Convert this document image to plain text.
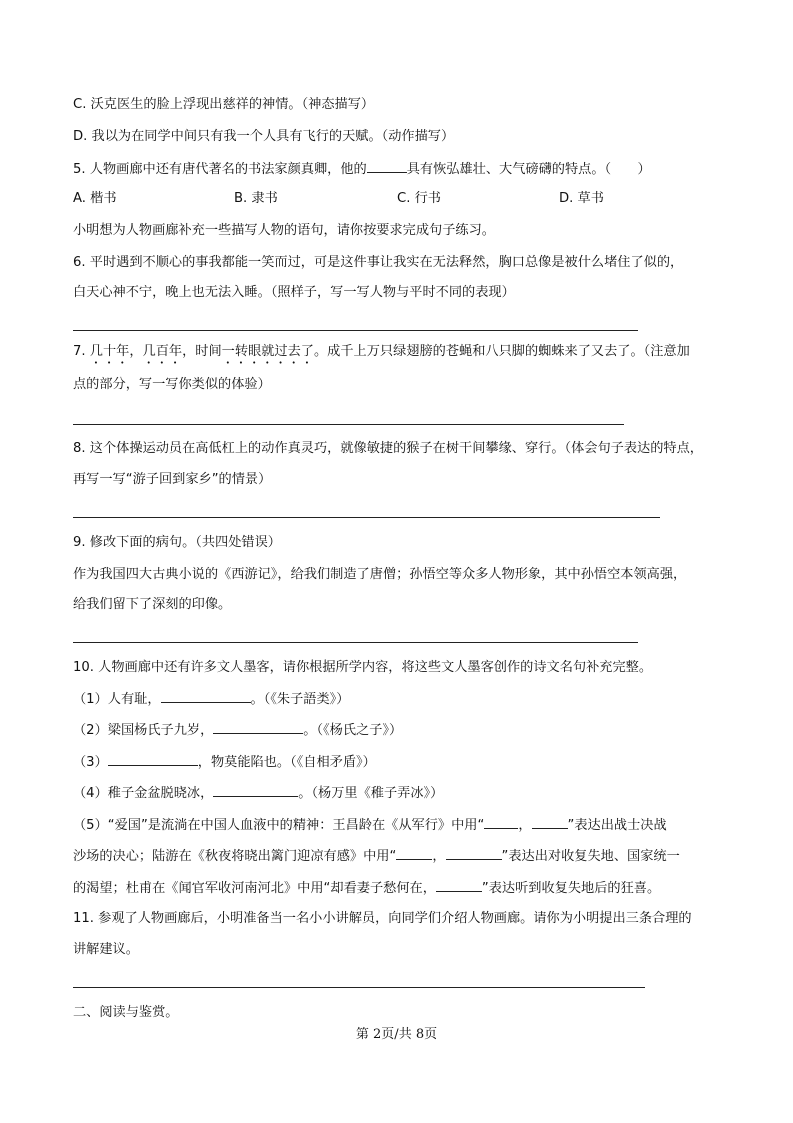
C. 沃克医生的脸上浮现出慈祥的神情。（神态描写）
D. 我以为在同学中间只有我一个人具有飞行的天赋。（动作描写）
5. 人物画廊中还有唐代著名的书法家颜真卿，他的	具有恢弘雄壮、大气磅礴的特点。（　　）
A. 楷书	B. 隶书	C. 行书	D. 草书
小明想为人物画廊补充一些描写人物的语句，请你按要求完成句子练习。
6. 平时遇到不顺心的事我都能一笑而过，可是这件事让我实在无法释然，胸口总像是被什么堵住了似的，
白天心神不宁，晚上也无法入睡。（照样子，写一写人物与平时不同的表现）
7. 几十年，几百年，时间一转眼就过去了。成千上万只绿翅膀的苍蝇和八只脚的蜘蛛来了又去了。（注意加
点的部分，写一写你类似的体验）
8. 这个体操运动员在高低杠上的动作真灵巧，就像敏捷的猴子在树干间攀缘、穿行。（体会句子表达的特点，
再写一写“游子回到家乡”的情景）
9. 修改下面的病句。（共四处错误）
作为我国四大古典小说的《西游记》，给我们制造了唐僧；孙悟空等众多人物形象，其中孙悟空本领高强，
给我们留下了深刻的印像。
10. 人物画廊中还有许多文人墨客，请你根据所学内容，将这些文人墨客创作的诗文名句补充完整。
（1）人有耻，	。（《朱子語类》）
（2）梁国杨氏子九岁，	。（《杨氏之子》）
（3）	，物莫能陷也。（《自相矛盾》）
（4）稚子金盆脱晓冰，	。（杨万里《稚子弄冰》）
（5）“爱国”是流淌在中国人血液中的精神：王昌龄在《从军行》中用“	，	”表达出战士决战
沙场的决心；陆游在《秋夜将晓出篱门迎凉有感》中用“	，	”表达出对收复失地、国家统一
的渴望；杜甫在《闻官军收河南河北》中用“却看妻子愁何在，	”表达听到收复失地后的狂喜。
11. 参观了人物画廊后，小明准备当一名小小讲解员，向同学们介绍人物画廊。请你为小明提出三条合理的
讲解建议。
二、阅读与鉴赏。
第 2页/共 8页
